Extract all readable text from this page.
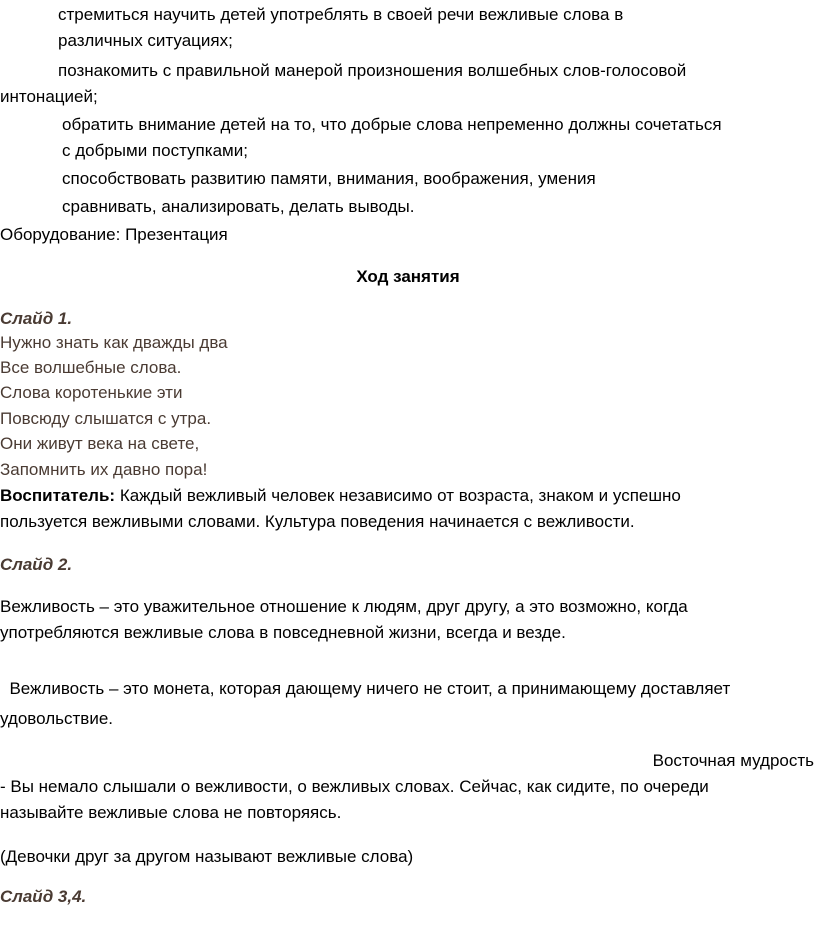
стремиться научить детей употреблять в своей речи вежливые слова в
различных ситуациях;
познакомить с правильной манерой произношения волшебных слов-голосовой
интонацией;
обратить внимание детей на то, что добрые слова непременно должны сочетаться
с добрыми поступками;
способствовать развитию памяти, внимания, воображения, умения
сравнивать, анализировать, делать выводы.
Оборудование: Презентация
Ход занятия
Слайд 1.
Нужно знать как дважды два
Все волшебные слова.
Слова коротенькие эти
Повсюду слышатся с утра.
Они живут века на свете,
Запомнить их давно пора!
Воспитатель: Каждый вежливый человек независимо от возраста, знаком и успешно
пользуется вежливыми словами. Культура поведения начинается с вежливости.
Слайд 2.
Вежливость – это уважительное отношение к людям, друг другу, а это возможно, когда
употребляются вежливые слова в повседневной жизни, всегда и везде.
Вежливость – это монета, которая дающему ничего не стоит, а принимающему доставляет
удовольствие.
Восточная мудрость
- Вы немало слышали о вежливости, о вежливых словах. Сейчас, как сидите, по очереди
называйте вежливые слова не повторяясь.
(Девочки друг за другом называют вежливые слова)
Слайд 3,4.
